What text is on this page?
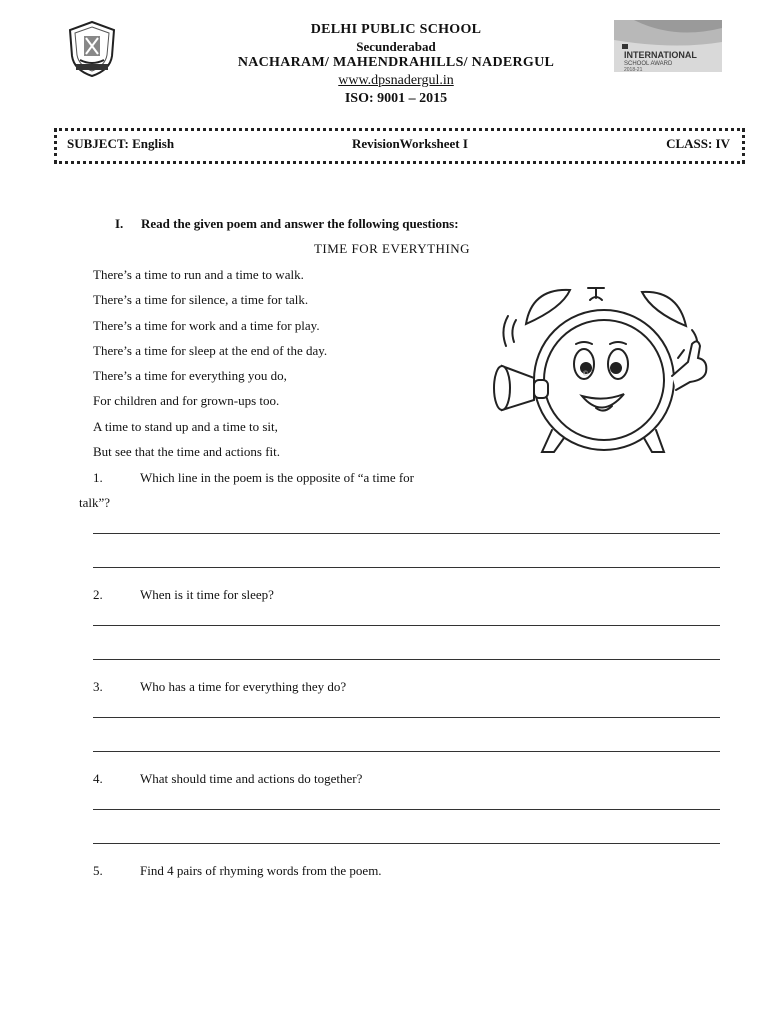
INTERNATIONAL
SCHOOL AWARD
2018-21
DELHI PUBLIC SCHOOL
Secunderabad
NACHARAM/ MAHENDRAHILLS/ NADERGUL
www.dpsnadergul.in
ISO: 9001 – 2015
SUBJECT: English	RevisionWorksheet I	CLASS: IV
I. Read the given poem and answer the following questions:
TIME FOR EVERYTHING
There’s a time to run and a time to walk.
There’s a time for silence, a time for talk.
There’s a time for work and a time for play.
There’s a time for sleep at the end of the day.
There’s a time for everything you do,
For children and for grown-ups too.
A time to stand up and a time to sit,
But see that the time and actions fit.
©
1.	Which line in the poem is the opposite of “a time for
talk”?
2.	When is it time for sleep?
3.	Who has a time for everything they do?
4.	What should time and actions do together?
5.	Find 4 pairs of rhyming words from the poem.
